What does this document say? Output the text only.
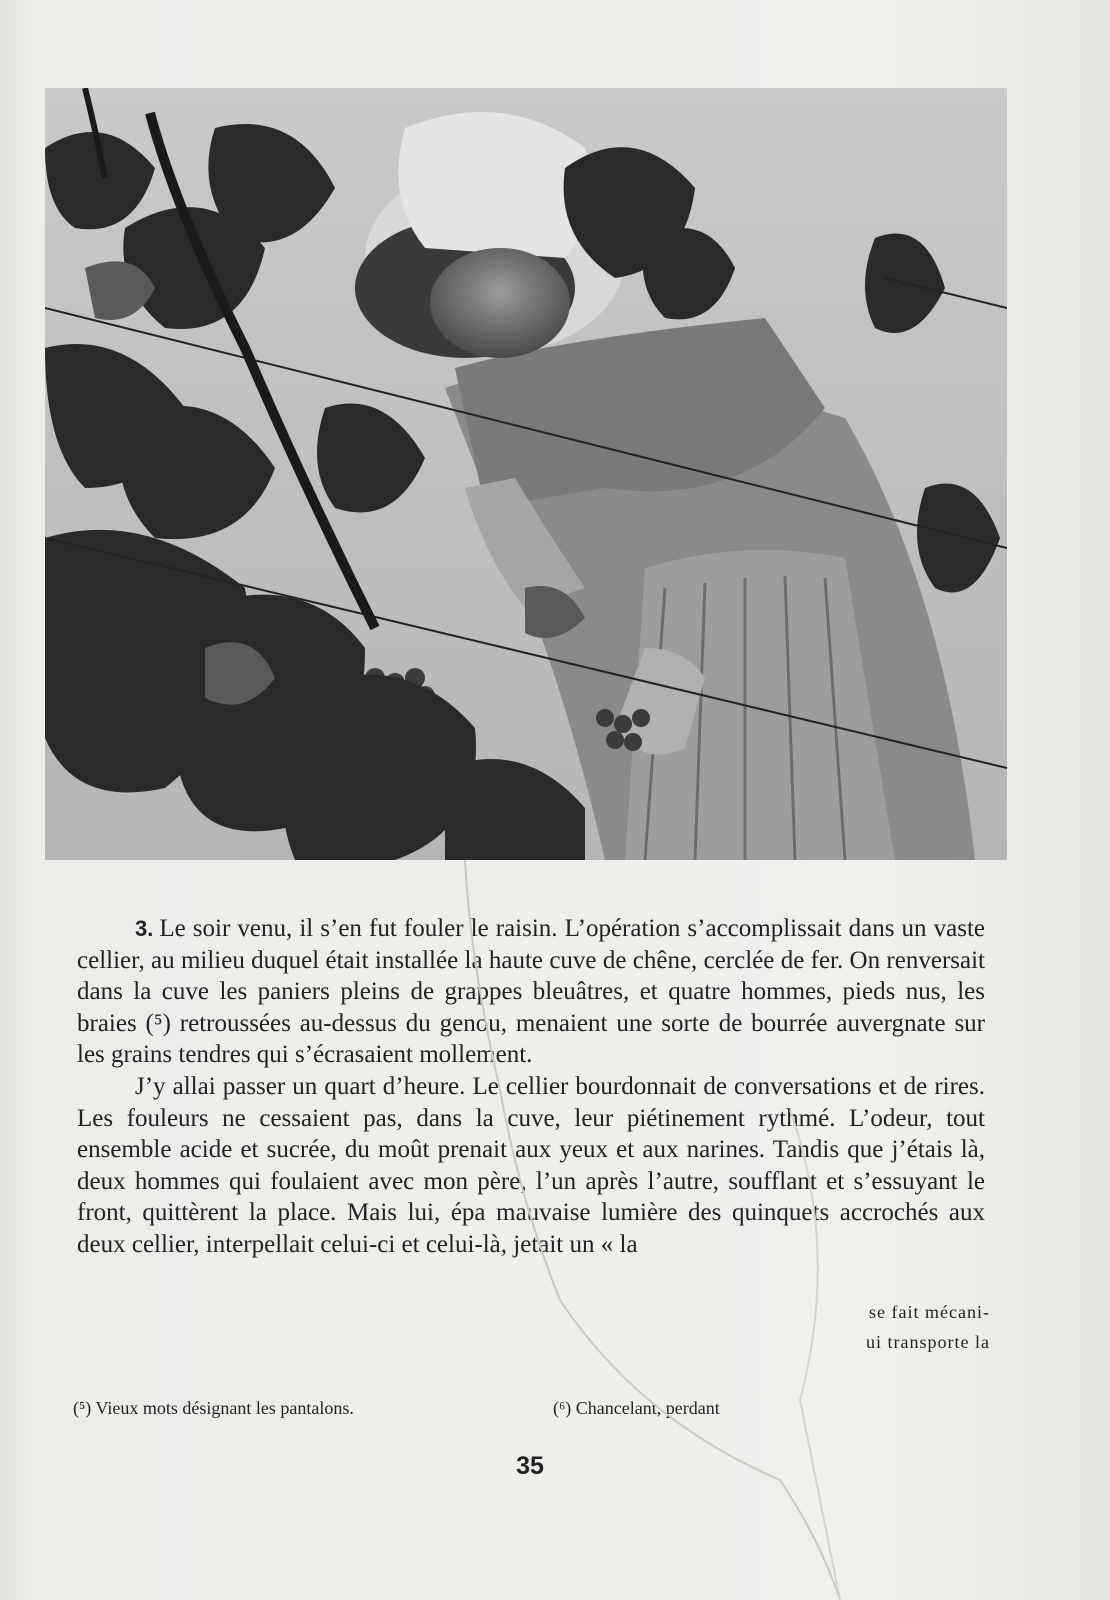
3. Le soir venu, il s’en fut fouler le raisin. L’opération s’accomplissait dans un vaste cellier, au milieu duquel était installée la haute cuve de chêne, cerclée de fer. On renversait dans la cuve les paniers pleins de grappes bleuâtres, et quatre hommes, pieds nus, les braies (⁵) retroussées au-dessus du genou, menaient une sorte de bourrée auvergnate sur les grains tendres qui s’écrasaient mollement.

J’y allai passer un quart d’heure. Le cellier bourdonnait de conversations et de rires. Les fouleurs ne cessaient pas, dans la cuve, leur piétinement rythmé. L’odeur, tout ensemble acide et sucrée, du moût prenait aux yeux et aux narines. Tandis que j’étais là, deux hommes qui foulaient avec mon père, l’un après l’autre, soufflant et s’essuyant le front, quittèrent la place. Mais lui, épa mauvaise lumière des quinquets accrochés aux deux cellier, interpellait celui-ci et celui-là, jetait un « la

se fait mécani-
ui transporte la
(⁵) Vieux mots désignant les pantalons.	(⁶) Chancelant, perdant
35
